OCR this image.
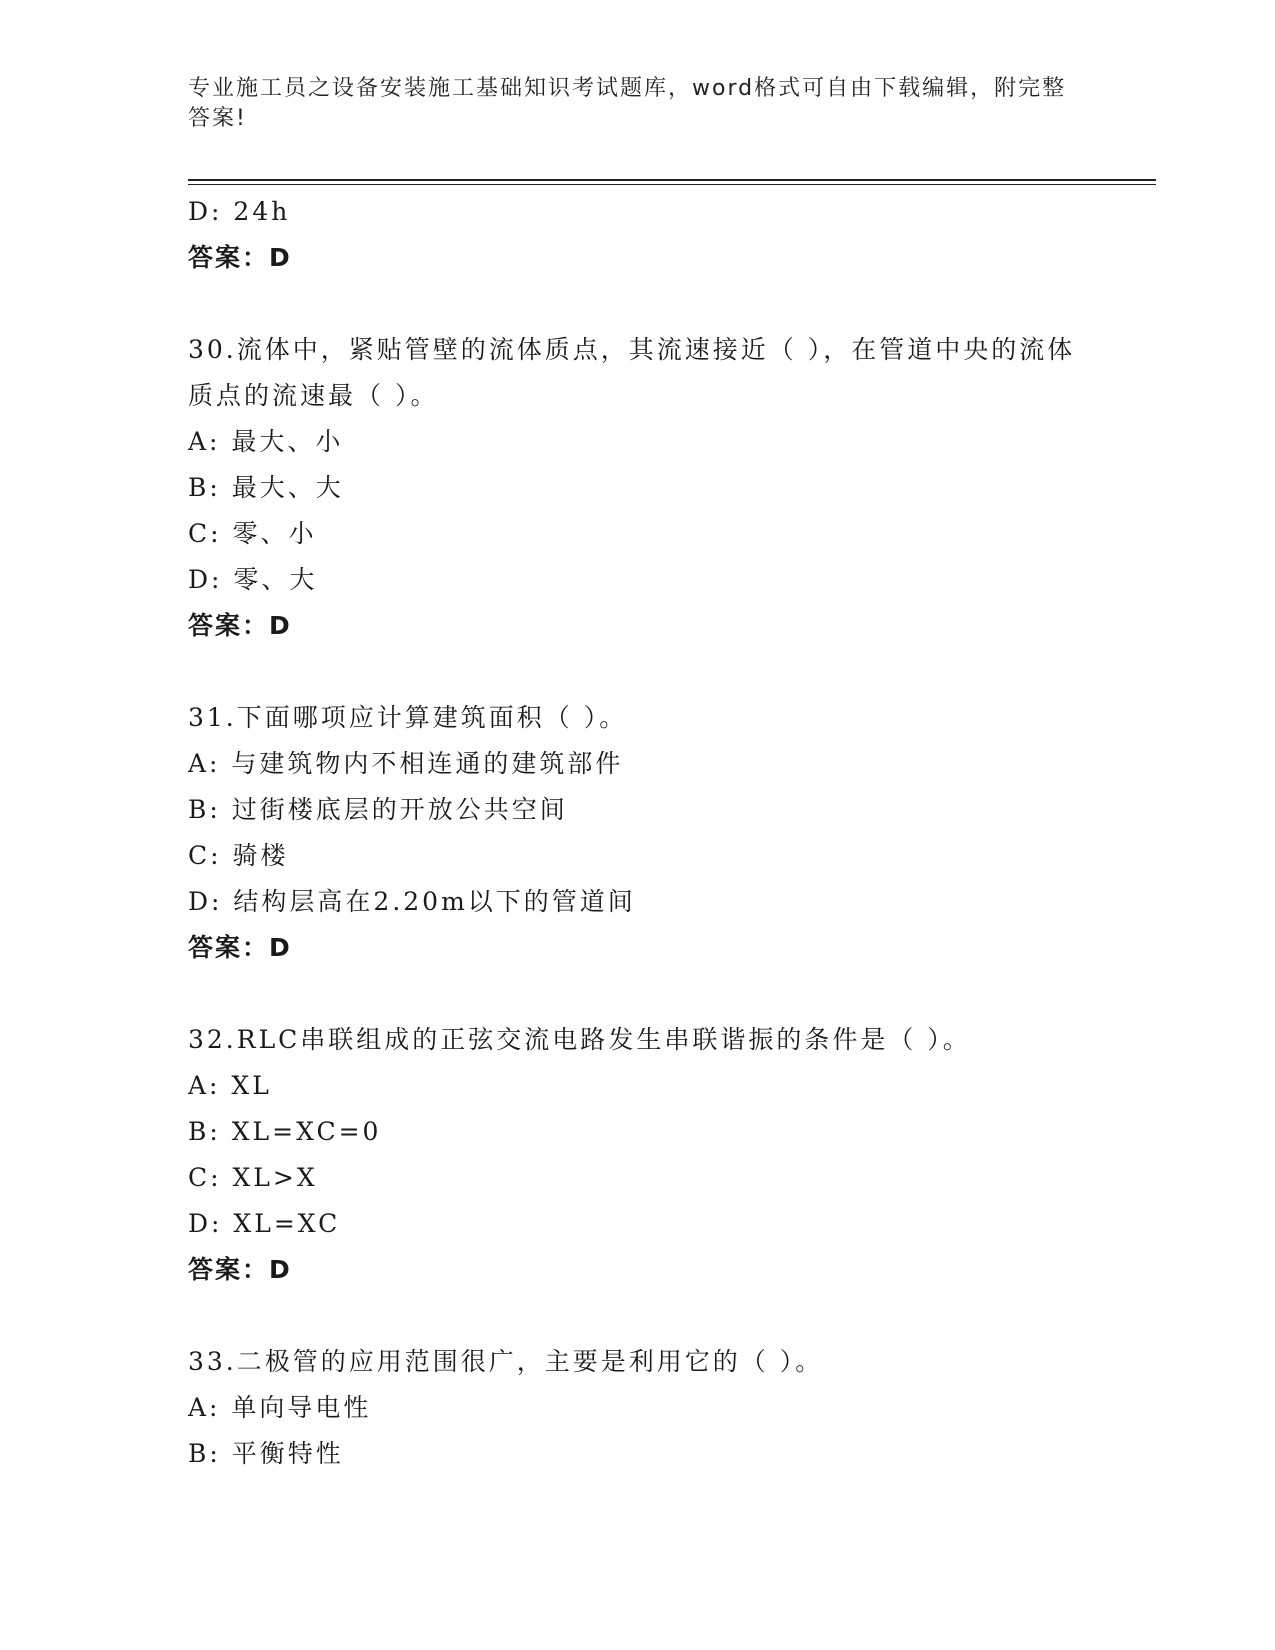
专业施工员之设备安装施工基础知识考试题库，word格式可自由下载编辑，附完整答案!
D: 24h
答案：D
30.流体中，紧贴管壁的流体质点，其流速接近（ ），在管道中央的流体质点的流速最（ ）。
A: 最大、小
B: 最大、大
C: 零、小
D: 零、大
答案：D
31.下面哪项应计算建筑面积（ ）。
A: 与建筑物内不相连通的建筑部件
B: 过街楼底层的开放公共空间
C: 骑楼
D: 结构层高在2.20m以下的管道间
答案：D
32.RLC串联组成的正弦交流电路发生串联谐振的条件是（ ）。
A: XL
B: XL=XC=0
C: XL>X
D: XL=XC
答案：D
33.二极管的应用范围很广，主要是利用它的（ ）。
A: 单向导电性
B: 平衡特性
